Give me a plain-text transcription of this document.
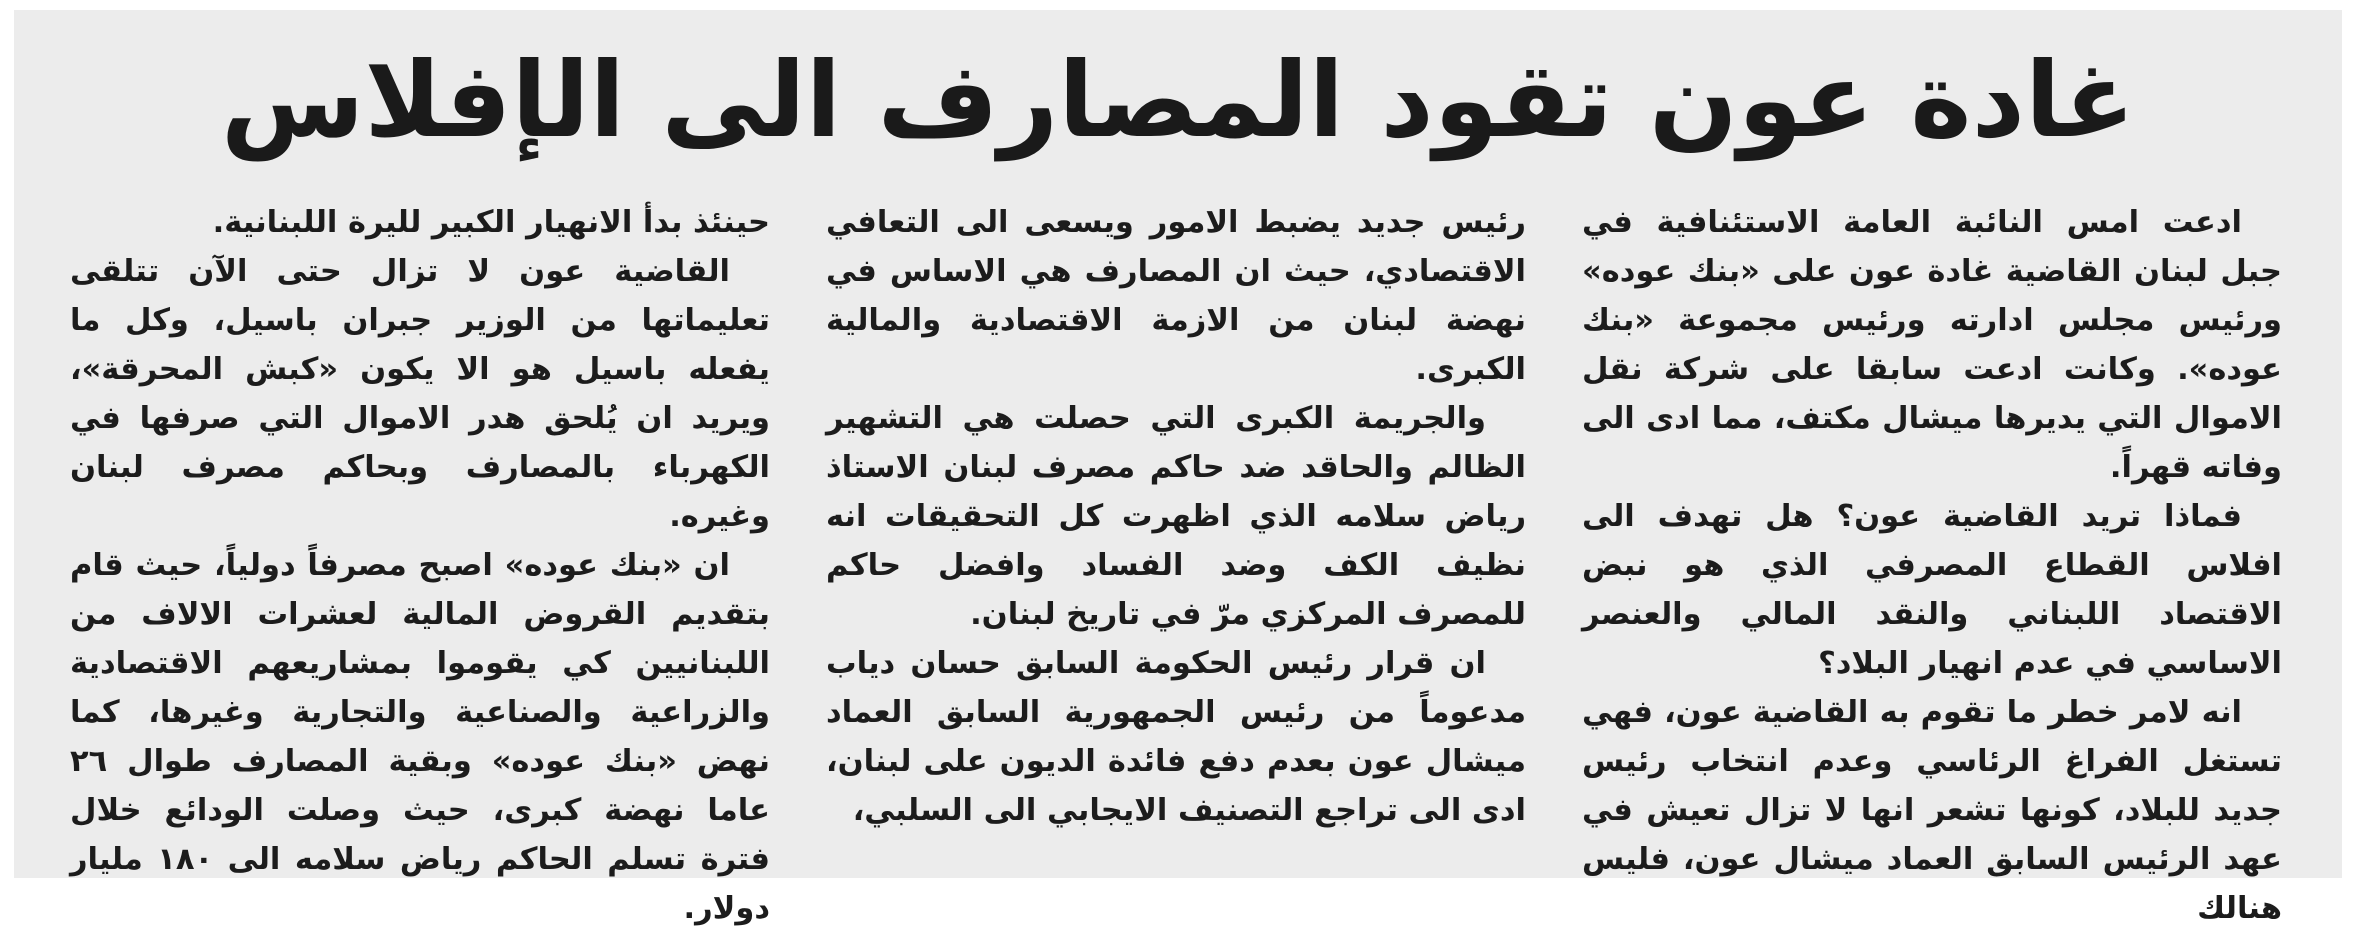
غادة عون تقود المصارف الى الإفلاس

ادعت امس النائبة العامة الاستئنافية في جبل لبنان القاضية غادة عون على «بنك عوده» ورئيس مجلس ادارته ورئيس مجموعة «بنك عوده». وكانت ادعت سابقا على شركة نقل الاموال التي يديرها ميشال مكتف، مما ادى الى وفاته قهراً.

فماذا تريد القاضية عون؟ هل تهدف الى افلاس القطاع المصرفي الذي هو نبض الاقتصاد اللبناني والنقد المالي والعنصر الاساسي في عدم انهيار البلاد؟

انه لامر خطر ما تقوم به القاضية عون، فهي تستغل الفراغ الرئاسي وعدم انتخاب رئيس جديد للبلاد، كونها تشعر انها لا تزال تعيش في عهد الرئيس السابق العماد ميشال عون، فليس هنالك

رئيس جديد يضبط الامور ويسعى الى التعافي الاقتصادي، حيث ان المصارف هي الاساس في نهضة لبنان من الازمة الاقتصادية والمالية الكبرى.

والجريمة الكبرى التي حصلت هي التشهير الظالم والحاقد ضد حاكم مصرف لبنان الاستاذ رياض سلامه الذي اظهرت كل التحقيقات انه نظيف الكف وضد الفساد وافضل حاكم للمصرف المركزي مرّ في تاريخ لبنان.

ان قرار رئيس الحكومة السابق حسان دياب مدعوماً من رئيس الجمهورية السابق العماد ميشال عون بعدم دفع فائدة الديون على لبنان، ادى الى تراجع التصنيف الايجابي الى السلبي،

حينئذ بدأ الانهيار الكبير لليرة اللبنانية.

القاضية عون لا تزال حتى الآن تتلقى تعليماتها من الوزير جبران باسيل، وكل ما يفعله باسيل هو الا يكون «كبش المحرقة»، ويريد ان يُلحق هدر الاموال التي صرفها في الكهرباء بالمصارف وبحاكم مصرف لبنان وغيره.

ان «بنك عوده» اصبح مصرفاً دولياً، حيث قام بتقديم القروض المالية لعشرات الالاف من اللبنانيين كي يقوموا بمشاريعهم الاقتصادية والزراعية والصناعية والتجارية وغيرها، كما نهض «بنك عوده» وبقية المصارف طوال ٢٦ عاما نهضة كبرى، حيث وصلت الودائع خلال فترة تسلم الحاكم رياض سلامه الى ١٨٠ مليار دولار.
